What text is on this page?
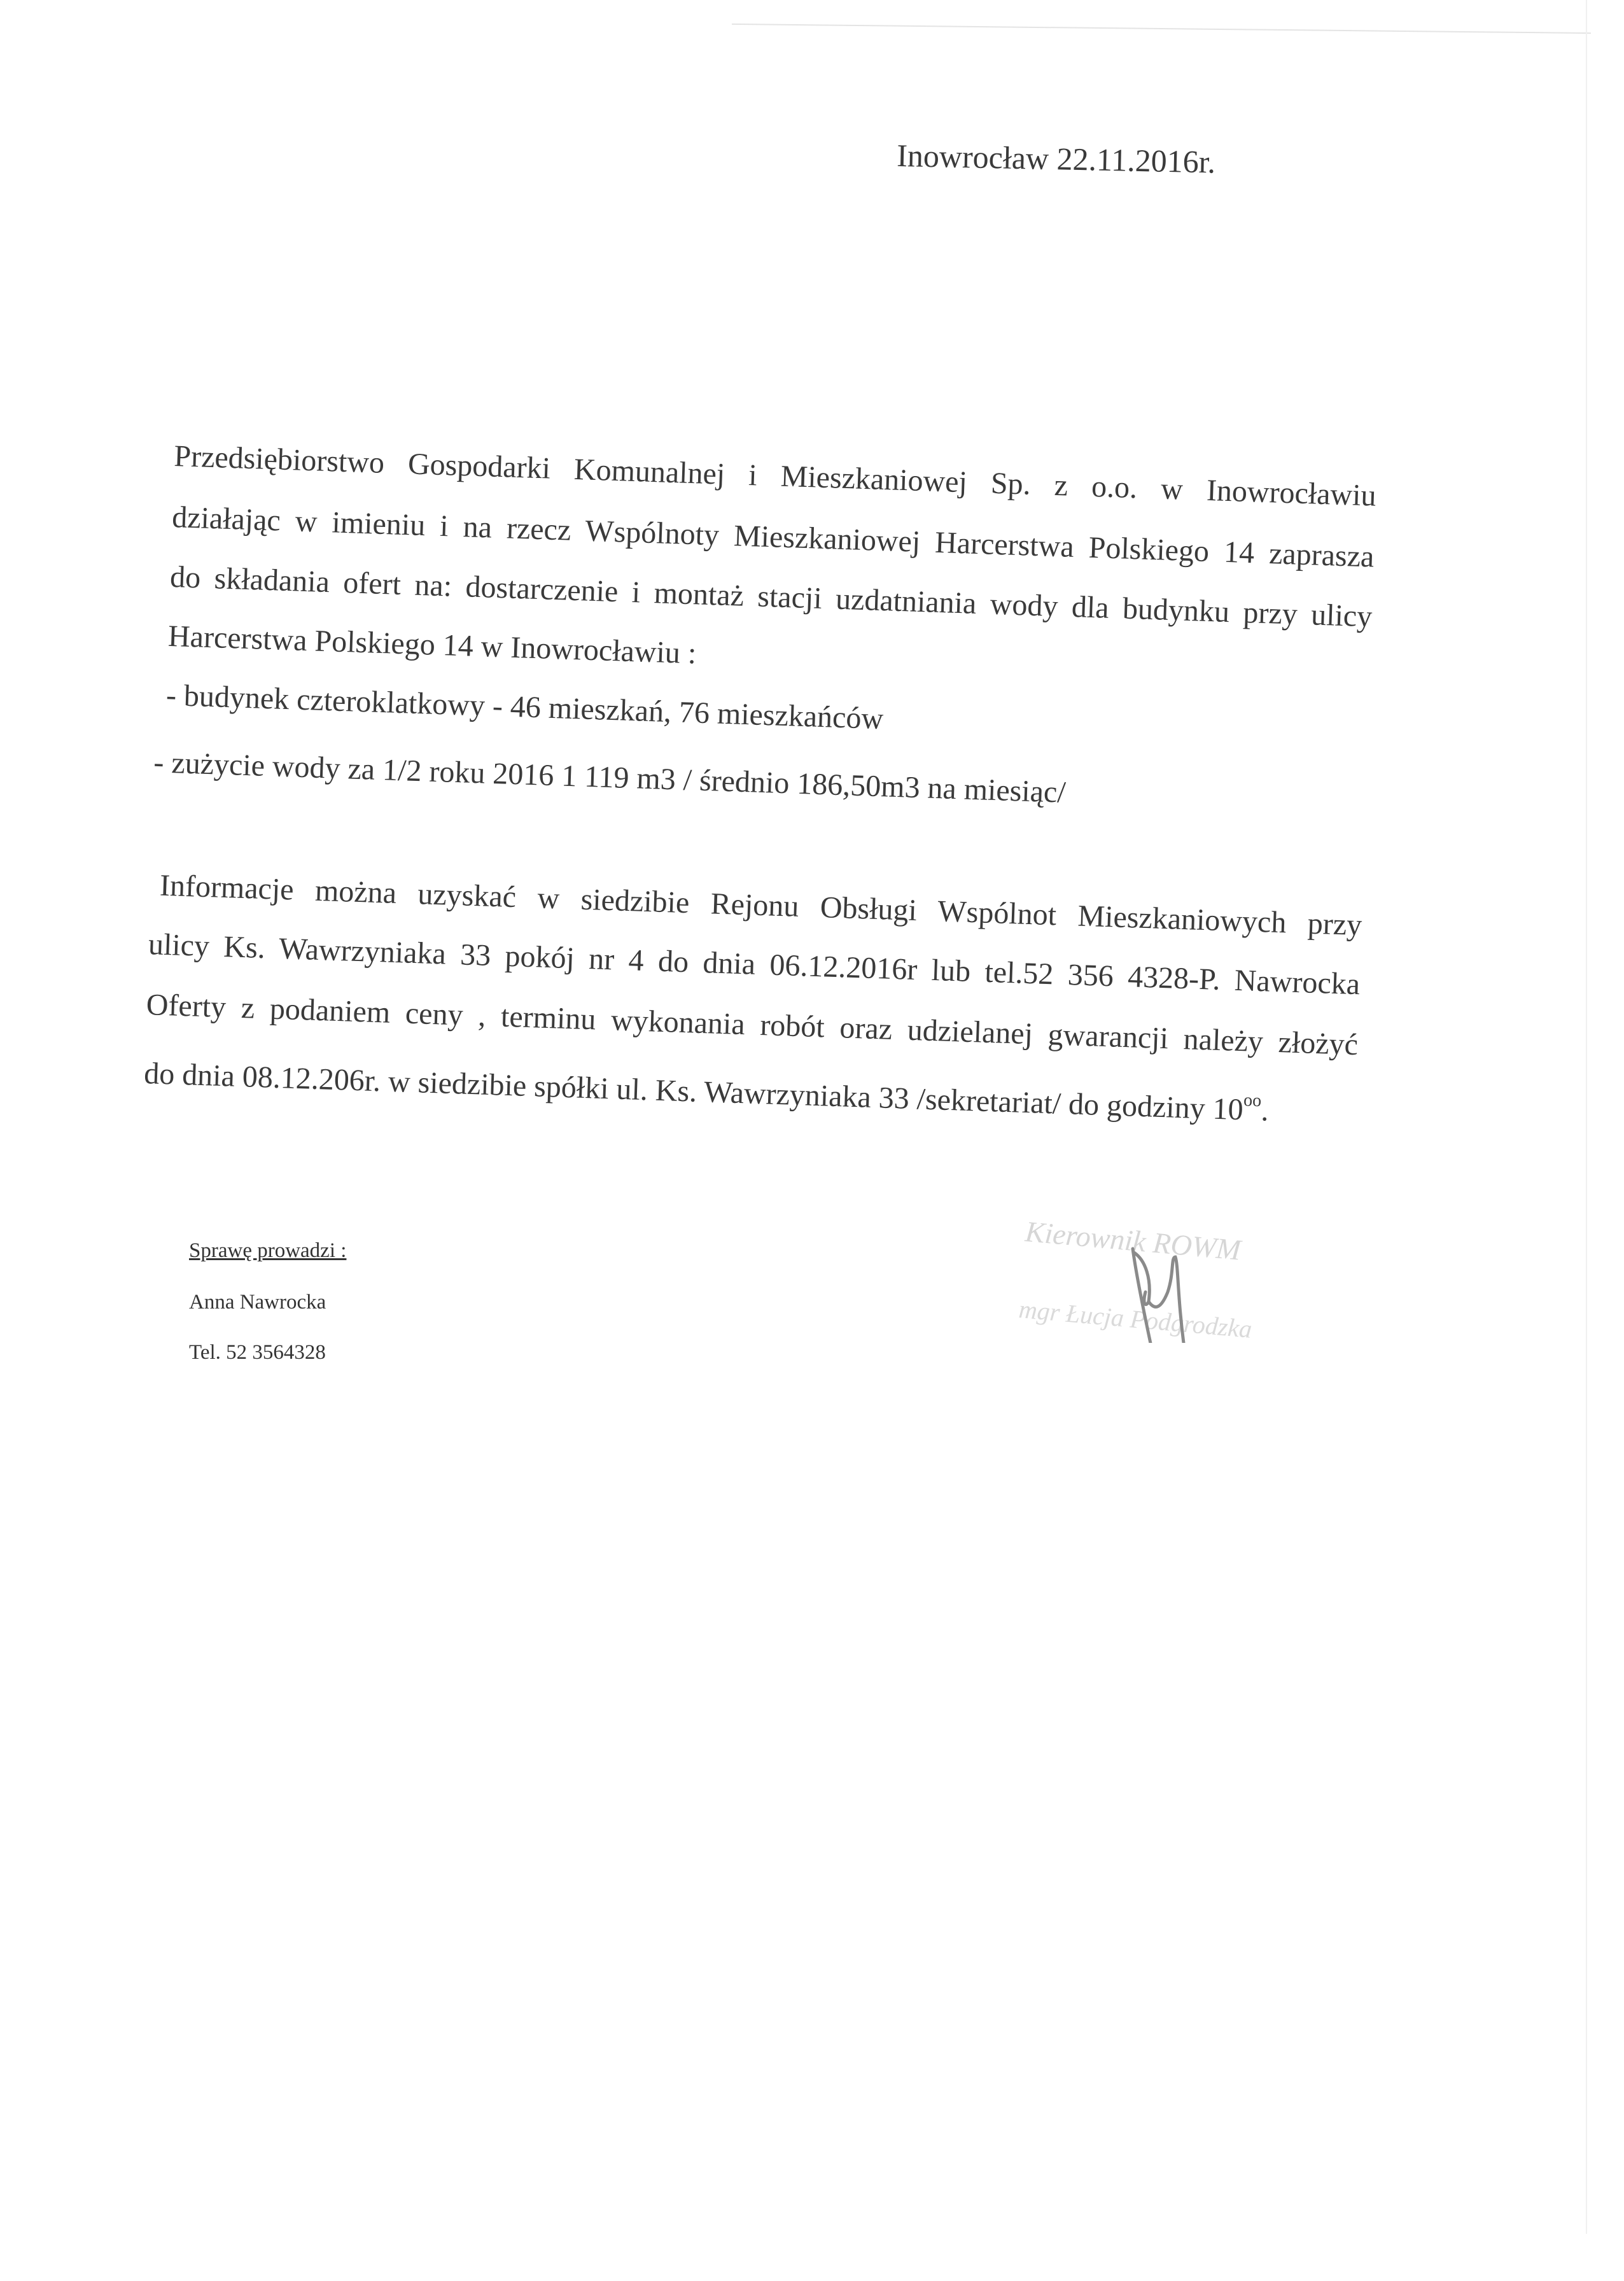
Inowrocław 22.11.2016r.
Przedsiębiorstwo Gospodarki Komunalnej i Mieszkaniowej Sp. z o.o. w Inowrocławiu
działając w imieniu i na rzecz Wspólnoty Mieszkaniowej Harcerstwa Polskiego 14 zaprasza
do składania ofert na: dostarczenie i montaż stacji uzdatniania wody dla budynku przy ulicy
Harcerstwa Polskiego 14 w Inowrocławiu :
- budynek czteroklatkowy - 46 mieszkań, 76 mieszkańców
- zużycie wody za 1/2 roku 2016 1 119 m3 / średnio 186,50m3 na miesiąc/
Informacje można uzyskać w siedzibie Rejonu Obsługi Wspólnot Mieszkaniowych przy
ulicy Ks. Wawrzyniaka 33 pokój nr 4 do dnia 06.12.2016r lub tel.52 356 4328-P. Nawrocka
Oferty z podaniem ceny , terminu wykonania robót oraz udzielanej gwarancji należy złożyć
do dnia 08.12.206r. w siedzibie spółki ul. Ks. Wawrzyniaka 33 /sekretariat/ do godziny $10^{oo}$.
Sprawę prowadzi :
Anna Nawrocka
Tel. 52 3564328
Kierownik ROWM
mgr Łucja Podgrodzka
